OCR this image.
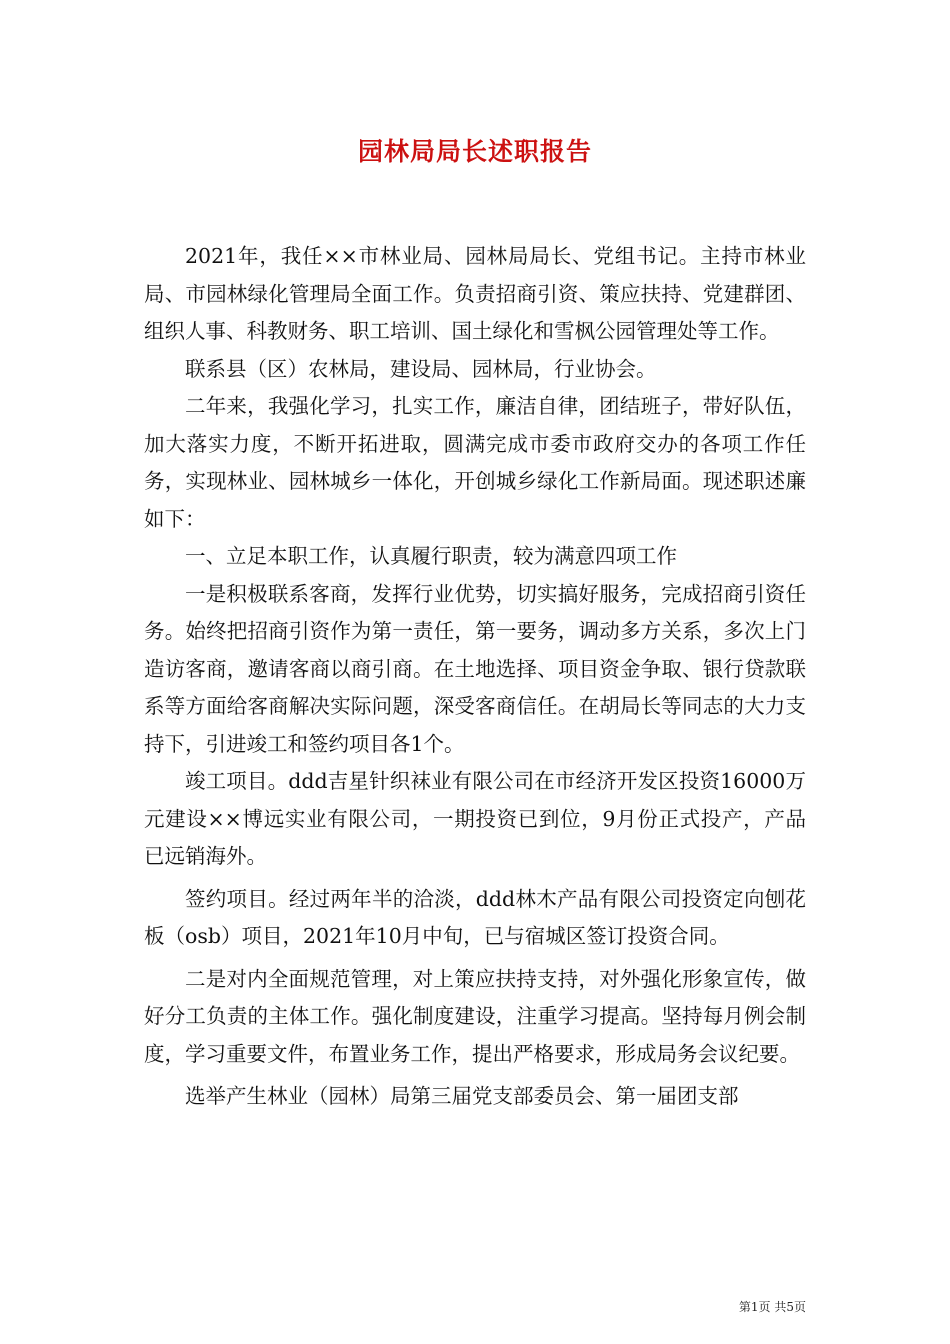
园林局局长述职报告

2021年，我任××市林业局、园林局局长、党组书记。主持市林业局、市园林绿化管理局全面工作。负责招商引资、策应扶持、党建群团、组织人事、科教财务、职工培训、国土绿化和雪枫公园管理处等工作。

联系县（区）农林局，建设局、园林局，行业协会。

二年来，我强化学习，扎实工作，廉洁自律，团结班子，带好队伍，加大落实力度，不断开拓进取，圆满完成市委市政府交办的各项工作任务，实现林业、园林城乡一体化，开创城乡绿化工作新局面。现述职述廉如下：

一、立足本职工作，认真履行职责，较为满意四项工作

一是积极联系客商，发挥行业优势，切实搞好服务，完成招商引资任务。始终把招商引资作为第一责任，第一要务，调动多方关系，多次上门造访客商，邀请客商以商引商。在土地选择、项目资金争取、银行贷款联系等方面给客商解决实际问题，深受客商信任。在胡局长等同志的大力支持下，引进竣工和签约项目各1个。

竣工项目。ddd吉星针织袜业有限公司在市经济开发区投资16000万元建设××博远实业有限公司，一期投资已到位，9月份正式投产，产品已远销海外。

签约项目。经过两年半的洽淡，ddd林木产品有限公司投资定向刨花板（osb）项目，2021年10月中旬，已与宿城区签订投资合同。

二是对内全面规范管理，对上策应扶持支持，对外强化形象宣传，做好分工负责的主体工作。强化制度建设，注重学习提高。坚持每月例会制度，学习重要文件，布置业务工作，提出严格要求，形成局务会议纪要。

选举产生林业（园林）局第三届党支部委员会、第一届团支部

第1页 共5页
